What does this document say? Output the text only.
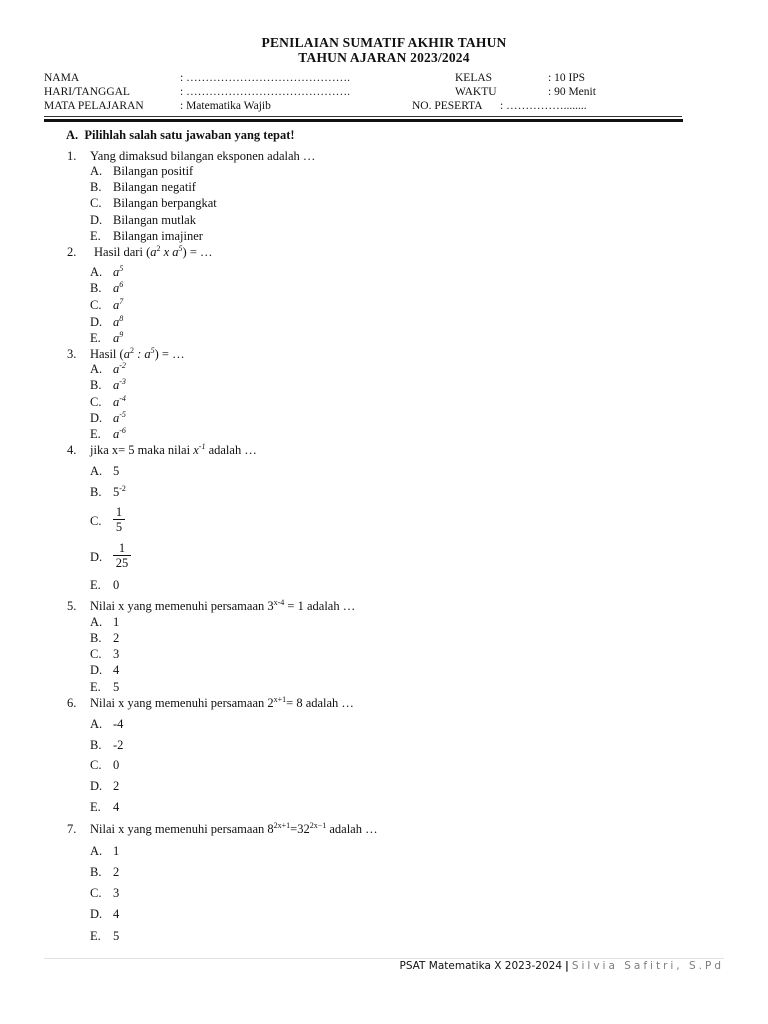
PENILAIAN SUMATIF AKHIR TAHUN
TAHUN AJARAN 2023/2024
NAMA	: …………………………………….	KELAS	: 10 IPS
HARI/TANGGAL	: …………………………………….	WAKTU	: 90 Menit
MATA PELAJARAN	: Matematika Wajib	NO. PESERTA : ……………........
A. Pilihlah salah satu jawaban yang tepat!
1. Yang dimaksud bilangan eksponen adalah …
A. Bilangan positif
B. Bilangan negatif
C. Bilangan berpangkat
D. Bilangan mutlak
E. Bilangan imajiner
2. Hasil dari ($a^2$ x $a^5$) = …
A. $a^5$
B. $a^6$
C. $a^7$
D. $a^8$
E. $a^9$
3. Hasil ($a^2$ : $a^5$) = …
A. $a^{-2}$
B. $a^{-3}$
C. $a^{-4}$
D. $a^{-5}$
E. $a^{-6}$
4. jika x= 5 maka nilai $x^{-1}$ adalah …
A. 5
B. $5^{-2}$
C.
1
5
D.
1
25
E. 0
5. Nilai x yang memenuhi persamaan $3^{x-4} = 1$ adalah …
A. 1
B. 2
C. 3
D. 4
E. 5
6. Nilai x yang memenuhi persamaan $2^{x+1}= 8$ adalah …
A. -4
B. -2
C. 0
D. 2
E. 4
7. Nilai x yang memenuhi persamaan $8^{2x+1}=32^{2x-1}$ adalah …
A. 1
B. 2
C. 3
D. 4
E. 5
PSAT Matematika X 2023-2024 | Silvia Safitri, S.Pd
